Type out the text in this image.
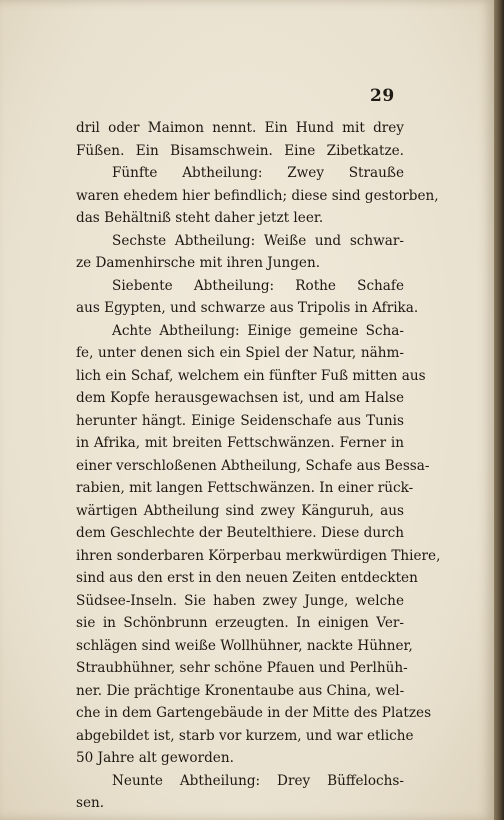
29
dril oder Maimon nennt. Ein Hund mit drey
Füßen. Ein Bisamschwein. Eine Zibetkatze.
Fünfte Abtheilung: Zwey Strauße
waren ehedem hier befindlich; diese sind gestorben,
das Behältniß steht daher jetzt leer.
Sechste Abtheilung: Weiße und schwar-
ze Damenhirsche mit ihren Jungen.
Siebente Abtheilung: Rothe Schafe
aus Egypten, und schwarze aus Tripolis in Afrika.
Achte Abtheilung: Einige gemeine Scha-
fe, unter denen sich ein Spiel der Natur, nähm-
lich ein Schaf, welchem ein fünfter Fuß mitten aus
dem Kopfe herausgewachsen ist, und am Halse
herunter hängt. Einige Seidenschafe aus Tunis
in Afrika, mit breiten Fettschwänzen. Ferner in
einer verschloßenen Abtheilung, Schafe aus Bessa-
rabien, mit langen Fettschwänzen. In einer rück-
wärtigen Abtheilung sind zwey Känguruh, aus
dem Geschlechte der Beutelthiere. Diese durch
ihren sonderbaren Körperbau merkwürdigen Thiere,
sind aus den erst in den neuen Zeiten entdeckten
Südsee-Inseln. Sie haben zwey Junge, welche
sie in Schönbrunn erzeugten. In einigen Ver-
schlägen sind weiße Wollhühner, nackte Hühner,
Straubhühner, sehr schöne Pfauen und Perlhüh-
ner. Die prächtige Kronentaube aus China, wel-
che in dem Gartengebäude in der Mitte des Platzes
abgebildet ist, starb vor kurzem, und war etliche
50 Jahre alt geworden.
Neunte Abtheilung: Drey Büffelochs-
sen.
